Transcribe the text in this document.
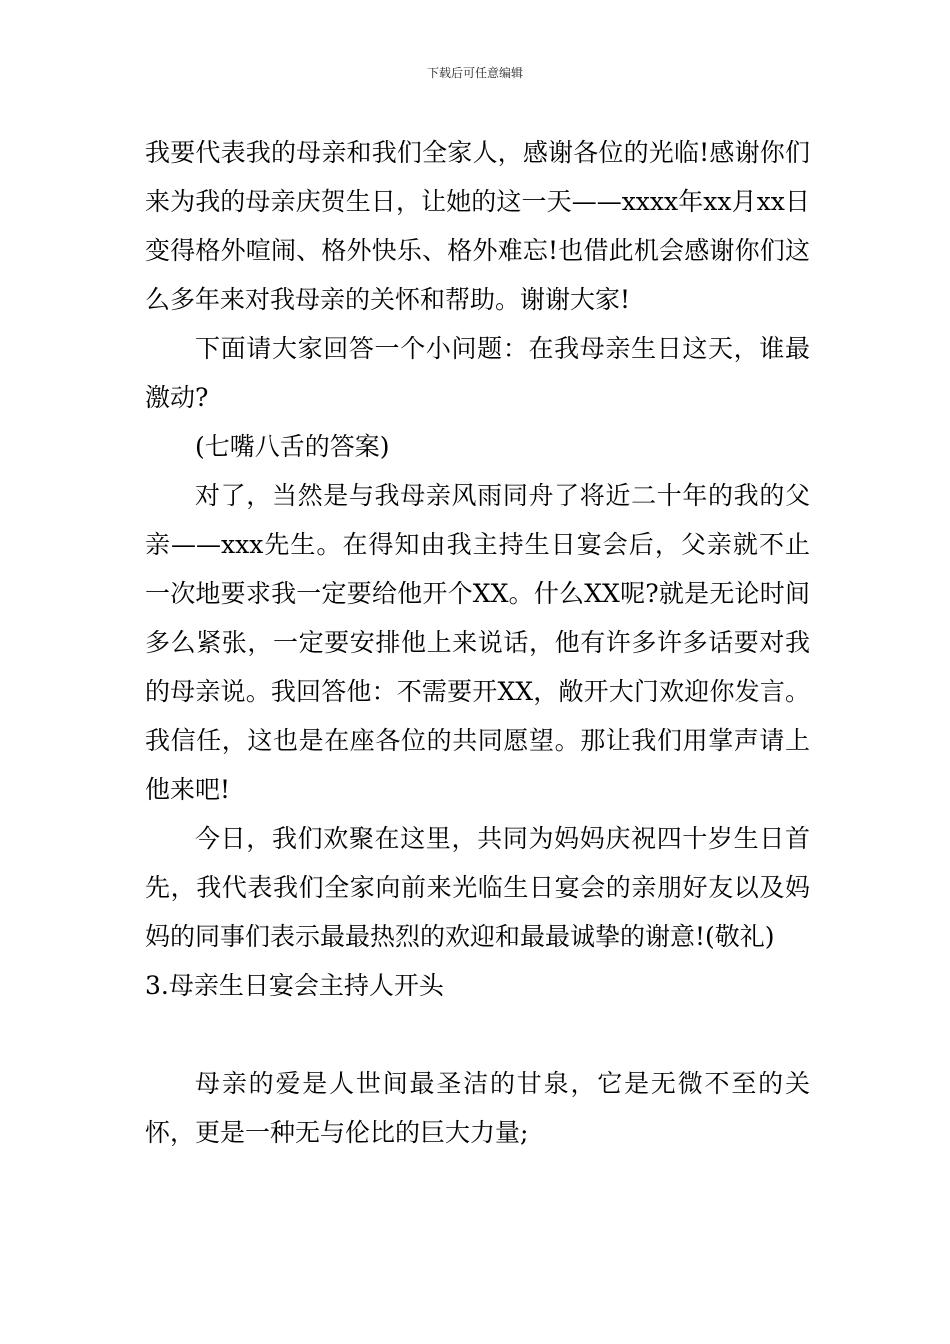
下载后可任意编辑

我要代表我的母亲和我们全家人，感谢各位的光临!感谢你们来为我的母亲庆贺生日，让她的这一天——xxxx年xx月xx日变得格外喧闹、格外快乐、格外难忘!也借此机会感谢你们这么多年来对我母亲的关怀和帮助。谢谢大家!

下面请大家回答一个小问题：在我母亲生日这天，谁最激动?

(七嘴八舌的答案)

对了，当然是与我母亲风雨同舟了将近二十年的我的父亲——xxx先生。在得知由我主持生日宴会后，父亲就不止一次地要求我一定要给他开个XX。什么XX呢?就是无论时间多么紧张，一定要安排他上来说话，他有许多许多话要对我的母亲说。我回答他：不需要开XX，敞开大门欢迎你发言。我信任，这也是在座各位的共同愿望。那让我们用掌声请上他来吧!

今日，我们欢聚在这里，共同为妈妈庆祝四十岁生日首先，我代表我们全家向前来光临生日宴会的亲朋好友以及妈妈的同事们表示最最热烈的欢迎和最最诚挚的谢意!(敬礼)

3.母亲生日宴会主持人开头

母亲的爱是人世间最圣洁的甘泉，它是无微不至的关怀，更是一种无与伦比的巨大力量;
